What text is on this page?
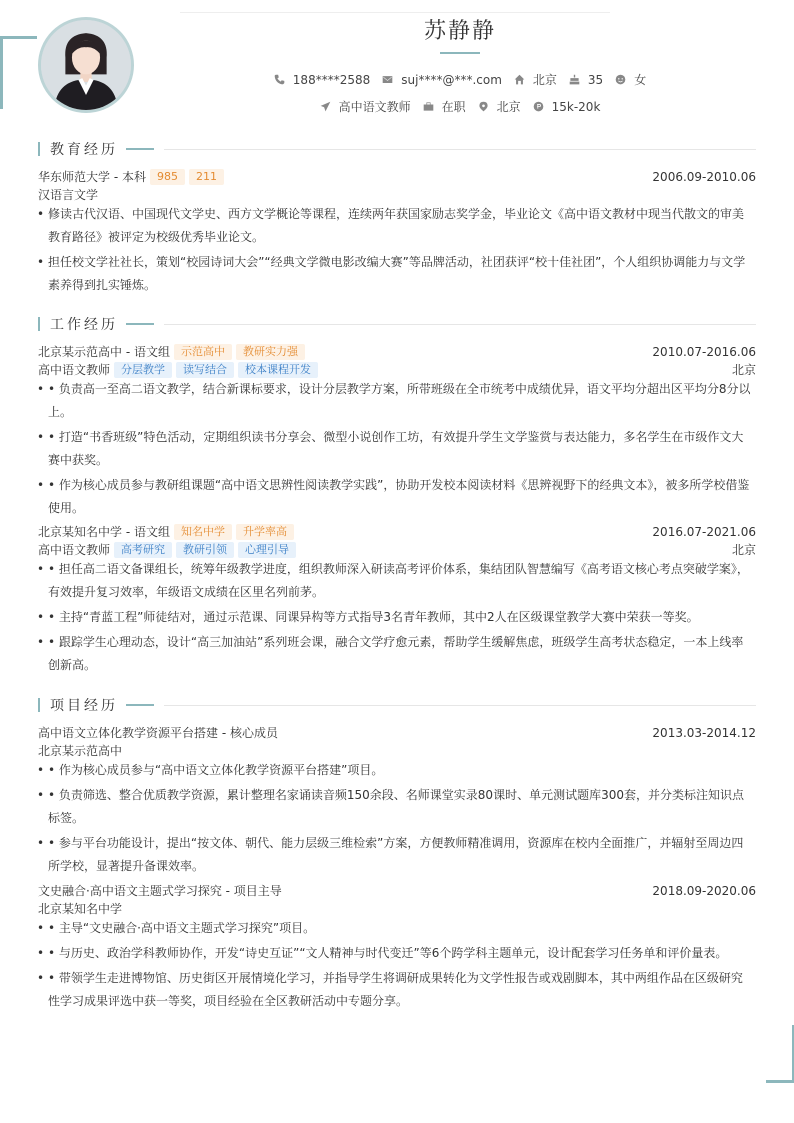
苏静静
188****2588	suj****@***.com	北京	35	女
高中语文教师	在职	北京	15k-20k
教育经历
华东师范大学 - 本科	985	211	2006.09-2010.06
汉语言文学
• 修读古代汉语、中国现代文学史、西方文学概论等课程，连续两年获国家励志奖学金，毕业论文《高中语文教材中现当代散文的审美教育路径》被评定为校级优秀毕业论文。
• 担任校文学社社长，策划“校园诗词大会”“经典文学微电影改编大赛”等品牌活动，社团获评“校十佳社团”，个人组织协调能力与文学素养得到扎实锤炼。
工作经历
北京某示范高中 - 语文组	示范高中	教研实力强	2010.07-2016.06
高中语文教师	分层教学	读写结合	校本课程开发	北京
• • 负责高一至高二语文教学，结合新课标要求，设计分层教学方案，所带班级在全市统考中成绩优异，语文平均分超出区平均分8分以上。
• • 打造“书香班级”特色活动，定期组织读书分享会、微型小说创作工坊，有效提升学生文学鉴赏与表达能力，多名学生在市级作文大赛中获奖。
• • 作为核心成员参与教研组课题“高中语文思辨性阅读教学实践”，协助开发校本阅读材料《思辨视野下的经典文本》，被多所学校借鉴使用。
北京某知名中学 - 语文组	知名中学	升学率高	2016.07-2021.06
高中语文教师	高考研究	教研引领	心理引导	北京
• • 担任高二语文备课组长，统筹年级教学进度，组织教师深入研读高考评价体系，集结团队智慧编写《高考语文核心考点突破学案》，有效提升复习效率，年级语文成绩在区里名列前茅。
• • 主持“青蓝工程”师徒结对，通过示范课、同课异构等方式指导3名青年教师，其中2人在区级课堂教学大赛中荣获一等奖。
• • 跟踪学生心理动态，设计“高三加油站”系列班会课，融合文学疗愈元素，帮助学生缓解焦虑，班级学生高考状态稳定，一本上线率创新高。
项目经历
高中语文立体化教学资源平台搭建 - 核心成员	2013.03-2014.12
北京某示范高中
• • 作为核心成员参与“高中语文立体化教学资源平台搭建”项目。
• • 负责筛选、整合优质教学资源，累计整理名家诵读音频150余段、名师课堂实录80课时、单元测试题库300套，并分类标注知识点标签。
• • 参与平台功能设计，提出“按文体、朝代、能力层级三维检索”方案，方便教师精准调用，资源库在校内全面推广，并辐射至周边四所学校，显著提升备课效率。
文史融合·高中语文主题式学习探究 - 项目主导	2018.09-2020.06
北京某知名中学
• • 主导“文史融合·高中语文主题式学习探究”项目。
• • 与历史、政治学科教师协作，开发“诗史互证”“文人精神与时代变迁”等6个跨学科主题单元，设计配套学习任务单和评价量表。
• • 带领学生走进博物馆、历史街区开展情境化学习，并指导学生将调研成果转化为文学性报告或戏剧脚本，其中两组作品在区级研究性学习成果评选中获一等奖，项目经验在全区教研活动中专题分享。
